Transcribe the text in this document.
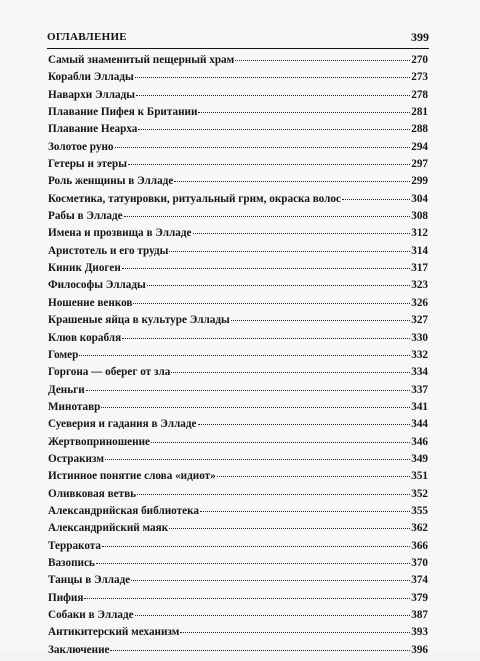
ОГЛАВЛЕНИЕ	399
Самый знаменитый пещерный храм	270
Корабли Эллады	273
Навархи Эллады	278
Плавание Пифея к Британии	281
Плавание Неарха	288
Золотое руно	294
Гетеры и этеры	297
Роль женщины в Элладе	299
Косметика, татуировки, ритуальный грим, окраска волос	304
Рабы в Элладе	308
Имена и прозвища в Элладе	312
Аристотель и его труды	314
Киник Диоген	317
Философы Эллады	323
Ношение венков	326
Крашеные яйца в культуре Эллады	327
Клюв корабля	330
Гомер	332
Горгона — оберег от зла	334
Деньги	337
Минотавр	341
Суеверия и гадания в Элладе	344
Жертвоприношение	346
Остракизм	349
Истинное понятие слова «идиот»	351
Оливковая ветвь	352
Александрийская библиотека	355
Александрийский маяк	362
Терракота	366
Вазопись	370
Танцы в Элладе	374
Пифия	379
Собаки в Элладе	387
Антикитерский механизм	393
Заключение	396
